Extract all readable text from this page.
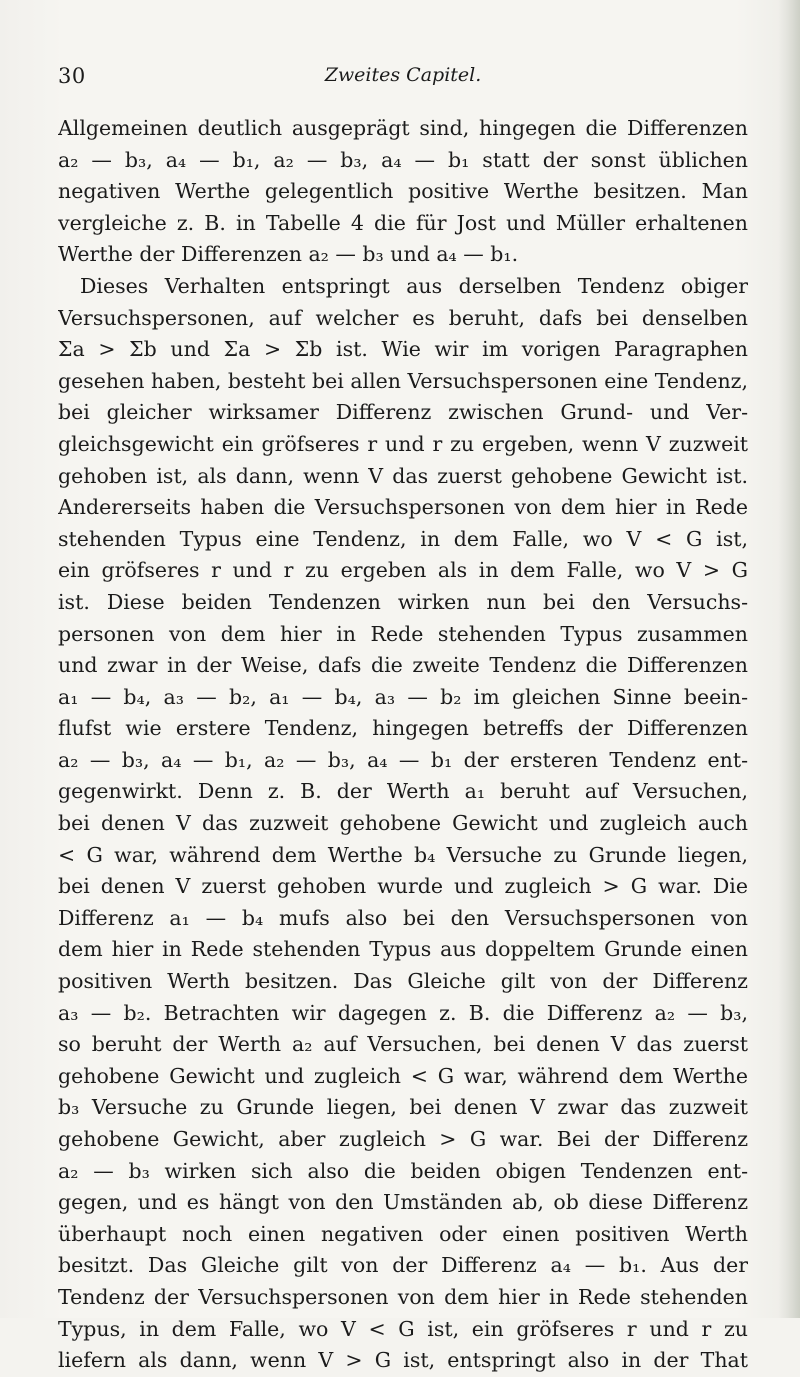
30	Zweites Capitel.
Allgemeinen deutlich ausgeprägt sind, hingegen die Differenzen
a₂ — b₃, a₄ — b₁, a₂ — b₃, a₄ — b₁ statt der sonst üblichen
negativen Werthe gelegentlich positive Werthe besitzen. Man
vergleiche z. B. in Tabelle 4 die für Jost und Müller erhaltenen
Werthe der Differenzen a₂ — b₃ und a₄ — b₁.
Dieses Verhalten entspringt aus derselben Tendenz obiger
Versuchspersonen, auf welcher es beruht, dafs bei denselben
Σa > Σb und Σa > Σb ist. Wie wir im vorigen Paragraphen
gesehen haben, besteht bei allen Versuchspersonen eine Tendenz,
bei gleicher wirksamer Differenz zwischen Grund- und Ver-
gleichsgewicht ein gröfseres r und r zu ergeben, wenn V zuzweit
gehoben ist, als dann, wenn V das zuerst gehobene Gewicht ist.
Andererseits haben die Versuchspersonen von dem hier in Rede
stehenden Typus eine Tendenz, in dem Falle, wo V < G ist,
ein gröfseres r und r zu ergeben als in dem Falle, wo V > G
ist. Diese beiden Tendenzen wirken nun bei den Versuchs-
personen von dem hier in Rede stehenden Typus zusammen
und zwar in der Weise, dafs die zweite Tendenz die Differenzen
a₁ — b₄, a₃ — b₂, a₁ — b₄, a₃ — b₂ im gleichen Sinne beein-
flufst wie erstere Tendenz, hingegen betreffs der Differenzen
a₂ — b₃, a₄ — b₁, a₂ — b₃, a₄ — b₁ der ersteren Tendenz ent-
gegenwirkt. Denn z. B. der Werth a₁ beruht auf Versuchen,
bei denen V das zuzweit gehobene Gewicht und zugleich auch
< G war, während dem Werthe b₄ Versuche zu Grunde liegen,
bei denen V zuerst gehoben wurde und zugleich > G war. Die
Differenz a₁ — b₄ mufs also bei den Versuchspersonen von
dem hier in Rede stehenden Typus aus doppeltem Grunde einen
positiven Werth besitzen. Das Gleiche gilt von der Differenz
a₃ — b₂. Betrachten wir dagegen z. B. die Differenz a₂ — b₃,
so beruht der Werth a₂ auf Versuchen, bei denen V das zuerst
gehobene Gewicht und zugleich < G war, während dem Werthe
b₃ Versuche zu Grunde liegen, bei denen V zwar das zuzweit
gehobene Gewicht, aber zugleich > G war. Bei der Differenz
a₂ — b₃ wirken sich also die beiden obigen Tendenzen ent-
gegen, und es hängt von den Umständen ab, ob diese Differenz
überhaupt noch einen negativen oder einen positiven Werth
besitzt. Das Gleiche gilt von der Differenz a₄ — b₁. Aus der
Tendenz der Versuchspersonen von dem hier in Rede stehenden
Typus, in dem Falle, wo V < G ist, ein gröfseres r und r zu
liefern als dann, wenn V > G ist, entspringt also in der That
